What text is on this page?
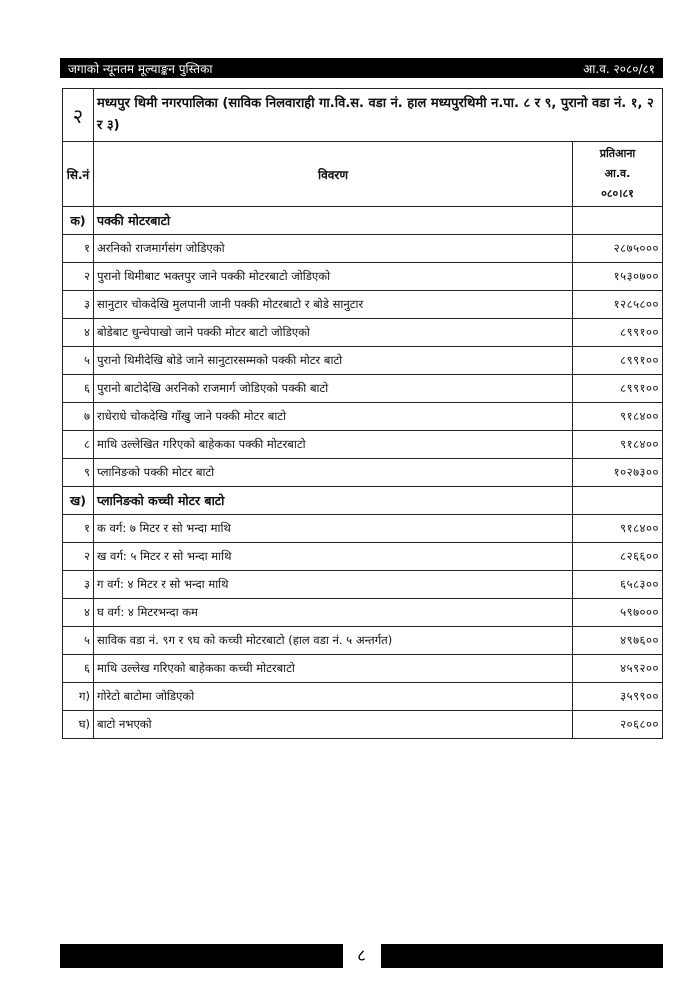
जगाको न्यूनतम मूल्याङ्कन पुस्तिका	आ.व. २०८०/८१
२	मध्यपुर थिमी नगरपालिका (साविक निलवाराही गा.वि.स. वडा नं. हाल मध्यपुरथिमी न.पा. ८ र ९, पुरानो वडा नं. १, २ र ३)	
सि.नं	विवरण	प्रतिआना
आ.व.
०८०।८१

क)	पक्की मोटरबाटो	
१	अरनिको राजमार्गसंग जोडिएको	२८७५०००
२	पुरानो थिमीबाट भक्तपुर जाने पक्की मोटरबाटो जोडिएको	१५३०७००
३	सानुटार चोकदेखि मुलपानी जानी पक्की मोटरबाटो र बोडे सानुटार	१२८५८००
४	बोडेबाट धुन्चेपाखो जाने पक्की मोटर बाटो जोडिएको	८९९१००
५	पुरानो थिमीदेखि बोडे जाने सानुटारसम्मको पक्की मोटर बाटो	८९९१००
६	पुरानो बाटोदेखि अरनिको राजमार्ग जोडिएको पक्की बाटो	८९९१००
७	राधेराधे चोकदेखि गाँखु जाने पक्की मोटर बाटो	९१८४००
८	माथि उल्लेखित गरिएको बाहेकका पक्की मोटरबाटो	९१८४००
९	प्लानिङको पक्की मोटर बाटो	१०२७३००
ख)	प्लानिङको कच्ची मोटर बाटो	
१	क वर्ग: ७ मिटर र सो भन्दा माथि	९१८४००
२	ख वर्ग: ५ मिटर र सो भन्दा माथि	८२६६००
३	ग वर्ग: ४ मिटर र सो भन्दा माथि	६५८३००
४	घ वर्ग: ४ मिटरभन्दा कम	५९७०००
५	साविक वडा नं. ९ग र ९घ को कच्ची मोटरबाटो (हाल वडा नं. ५ अन्तर्गत)	४९७६००
६	माथि उल्लेख गरिएको बाहेकका कच्ची मोटरबाटो	४५९२००
ग)	गोरेटो बाटोमा जोडिएको	३५९९००
घ)	बाटो नभएको	२०६८००
८
